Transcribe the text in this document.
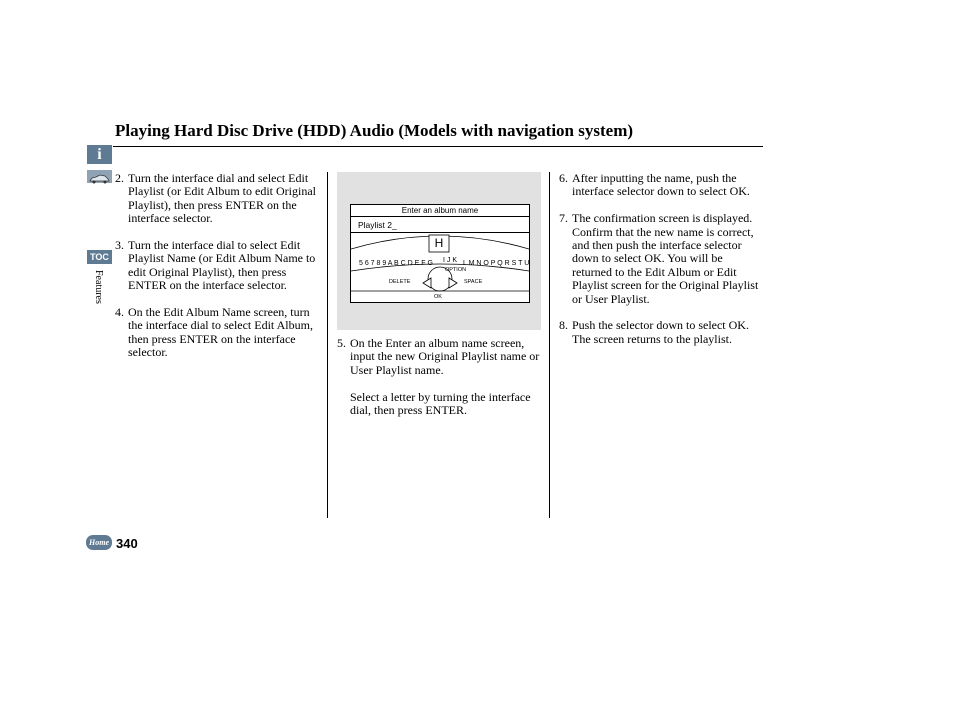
Playing Hard Disc Drive (HDD) Audio (Models with navigation system)
i
TOC
Features
2. Turn the interface dial and select Edit Playlist (or Edit Album to edit Original Playlist), then press ENTER on the interface selector.
3. Turn the interface dial to select Edit Playlist Name (or Edit Album Name to edit Original Playlist), then press ENTER on the interface selector.
4. On the Edit Album Name screen, turn the interface dial to select Edit Album, then press ENTER on the interface selector.
Enter an album name
Playlist 2_
H
5 6 7 8 9 A B C D E F G I J K L M N O P Q R S T U
OPTION
DELETE	SPACE
OK
5. On the Enter an album name screen, input the new Original Playlist name or User Playlist name.
Select a letter by turning the interface dial, then press ENTER.
6. After inputting the name, push the interface selector down to select OK.
7. The confirmation screen is displayed. Confirm that the new name is correct, and then push the interface selector down to select OK. You will be returned to the Edit Album or Edit Playlist screen for the Original Playlist or User Playlist.
8. Push the selector down to select OK. The screen returns to the playlist.
Home 340
